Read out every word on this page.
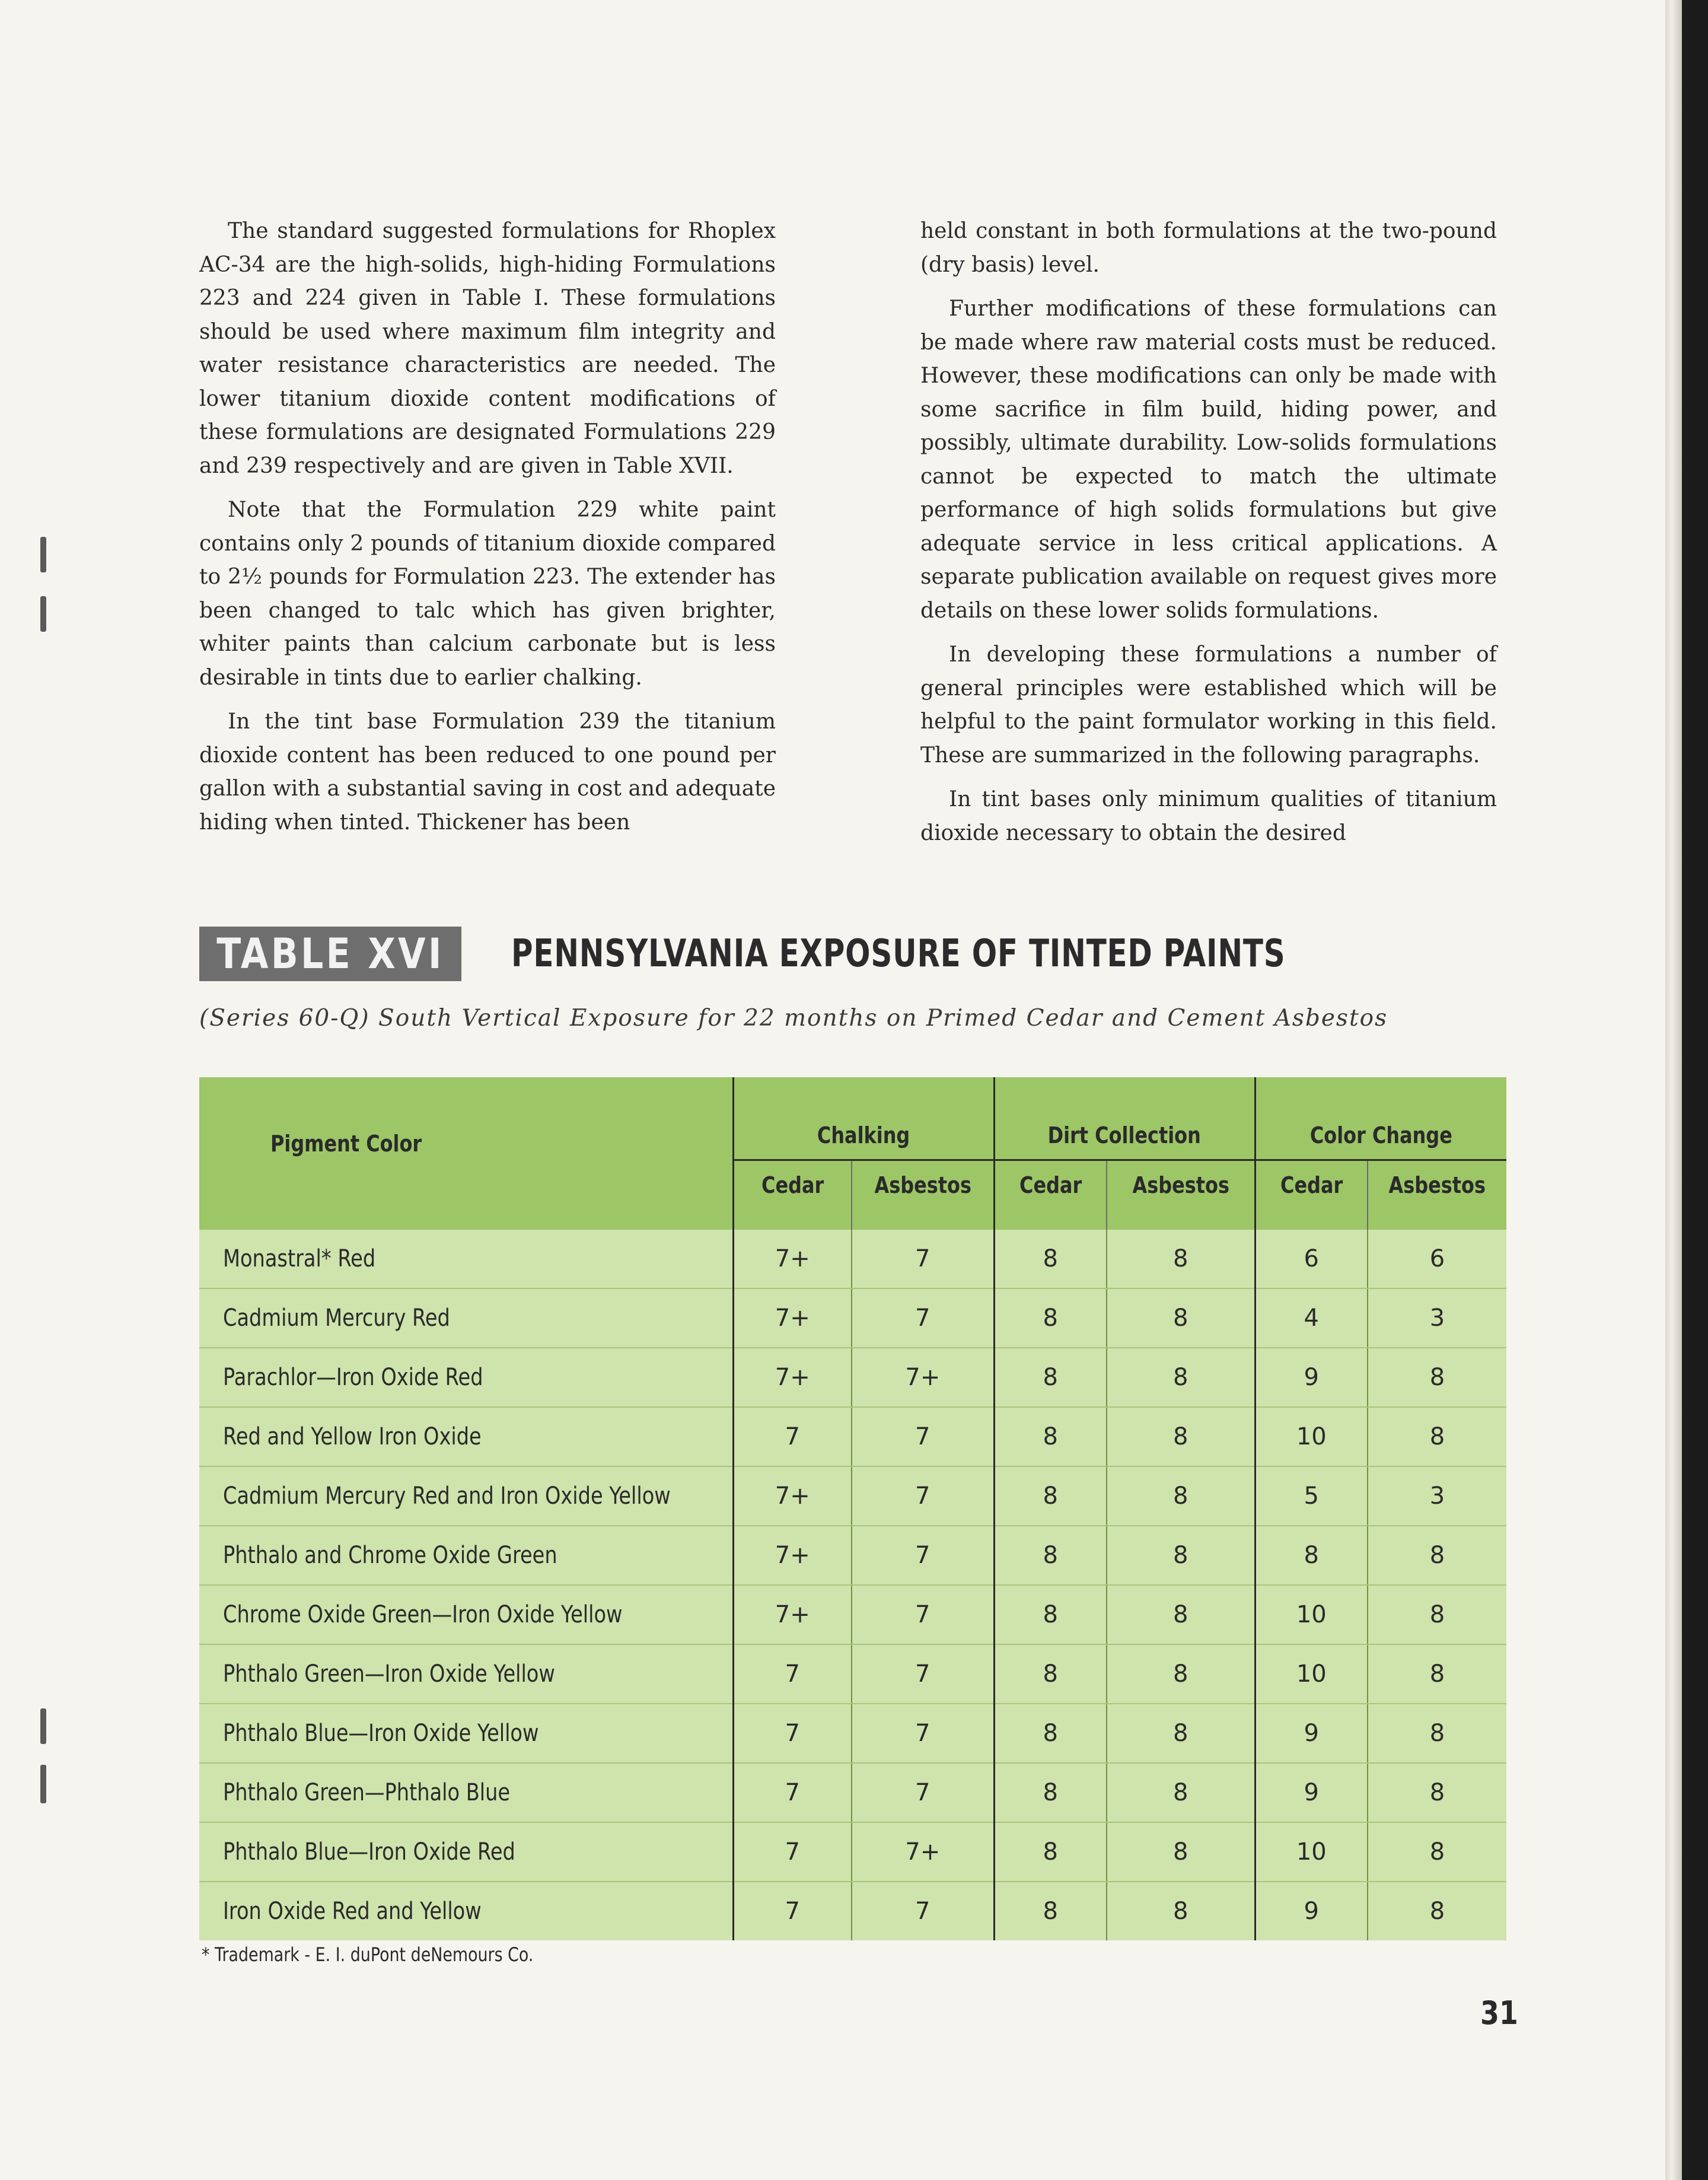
The standard suggested formulations for Rhoplex AC-34 are the high-solids, high-hiding Formulations 223 and 224 given in Table I. These formulations should be used where maximum film integrity and water resistance characteristics are needed. The lower titanium dioxide content modifications of these formulations are designated Formulations 229 and 239 respectively and are given in Table XVII.

Note that the Formulation 229 white paint contains only 2 pounds of titanium dioxide compared to 2½ pounds for Formulation 223. The extender has been changed to talc which has given brighter, whiter paints than calcium carbonate but is less desirable in tints due to earlier chalking.

In the tint base Formulation 239 the titanium dioxide content has been reduced to one pound per gallon with a substantial saving in cost and adequate hiding when tinted. Thickener has been

held constant in both formulations at the two-pound (dry basis) level.

Further modifications of these formulations can be made where raw material costs must be reduced. However, these modifications can only be made with some sacrifice in film build, hiding power, and possibly, ultimate durability. Low-solids formulations cannot be expected to match the ultimate performance of high solids formulations but give adequate service in less critical applications. A separate publication available on request gives more details on these lower solids formulations.

In developing these formulations a number of general principles were established which will be helpful to the paint formulator working in this field. These are summarized in the following paragraphs.

In tint bases only minimum qualities of titanium dioxide necessary to obtain the desired

TABLE XVI	PENNSYLVANIA EXPOSURE OF TINTED PAINTS
(Series 60-Q) South Vertical Exposure for 22 months on Primed Cedar and Cement Asbestos
Pigment Color	Chalking		Dirt Collection		Color Change	
	Cedar	Asbestos	Cedar	Asbestos	Cedar	Asbestos

Monastral* Red	7+	7	8	8	6	6
Cadmium Mercury Red	7+	7	8	8	4	3
Parachlor—Iron Oxide Red	7+	7+	8	8	9	8
Red and Yellow Iron Oxide	7	7	8	8	10	8
Cadmium Mercury Red and Iron Oxide Yellow	7+	7	8	8	5	3
Phthalo and Chrome Oxide Green	7+	7	8	8	8	8
Chrome Oxide Green—Iron Oxide Yellow	7+	7	8	8	10	8
Phthalo Green—Iron Oxide Yellow	7	7	8	8	10	8
Phthalo Blue—Iron Oxide Yellow	7	7	8	8	9	8
Phthalo Green—Phthalo Blue	7	7	8	8	9	8
Phthalo Blue—Iron Oxide Red	7	7+	8	8	10	8
Iron Oxide Red and Yellow	7	7	8	8	9	8
* Trademark - E. I. duPont deNemours Co.
31
